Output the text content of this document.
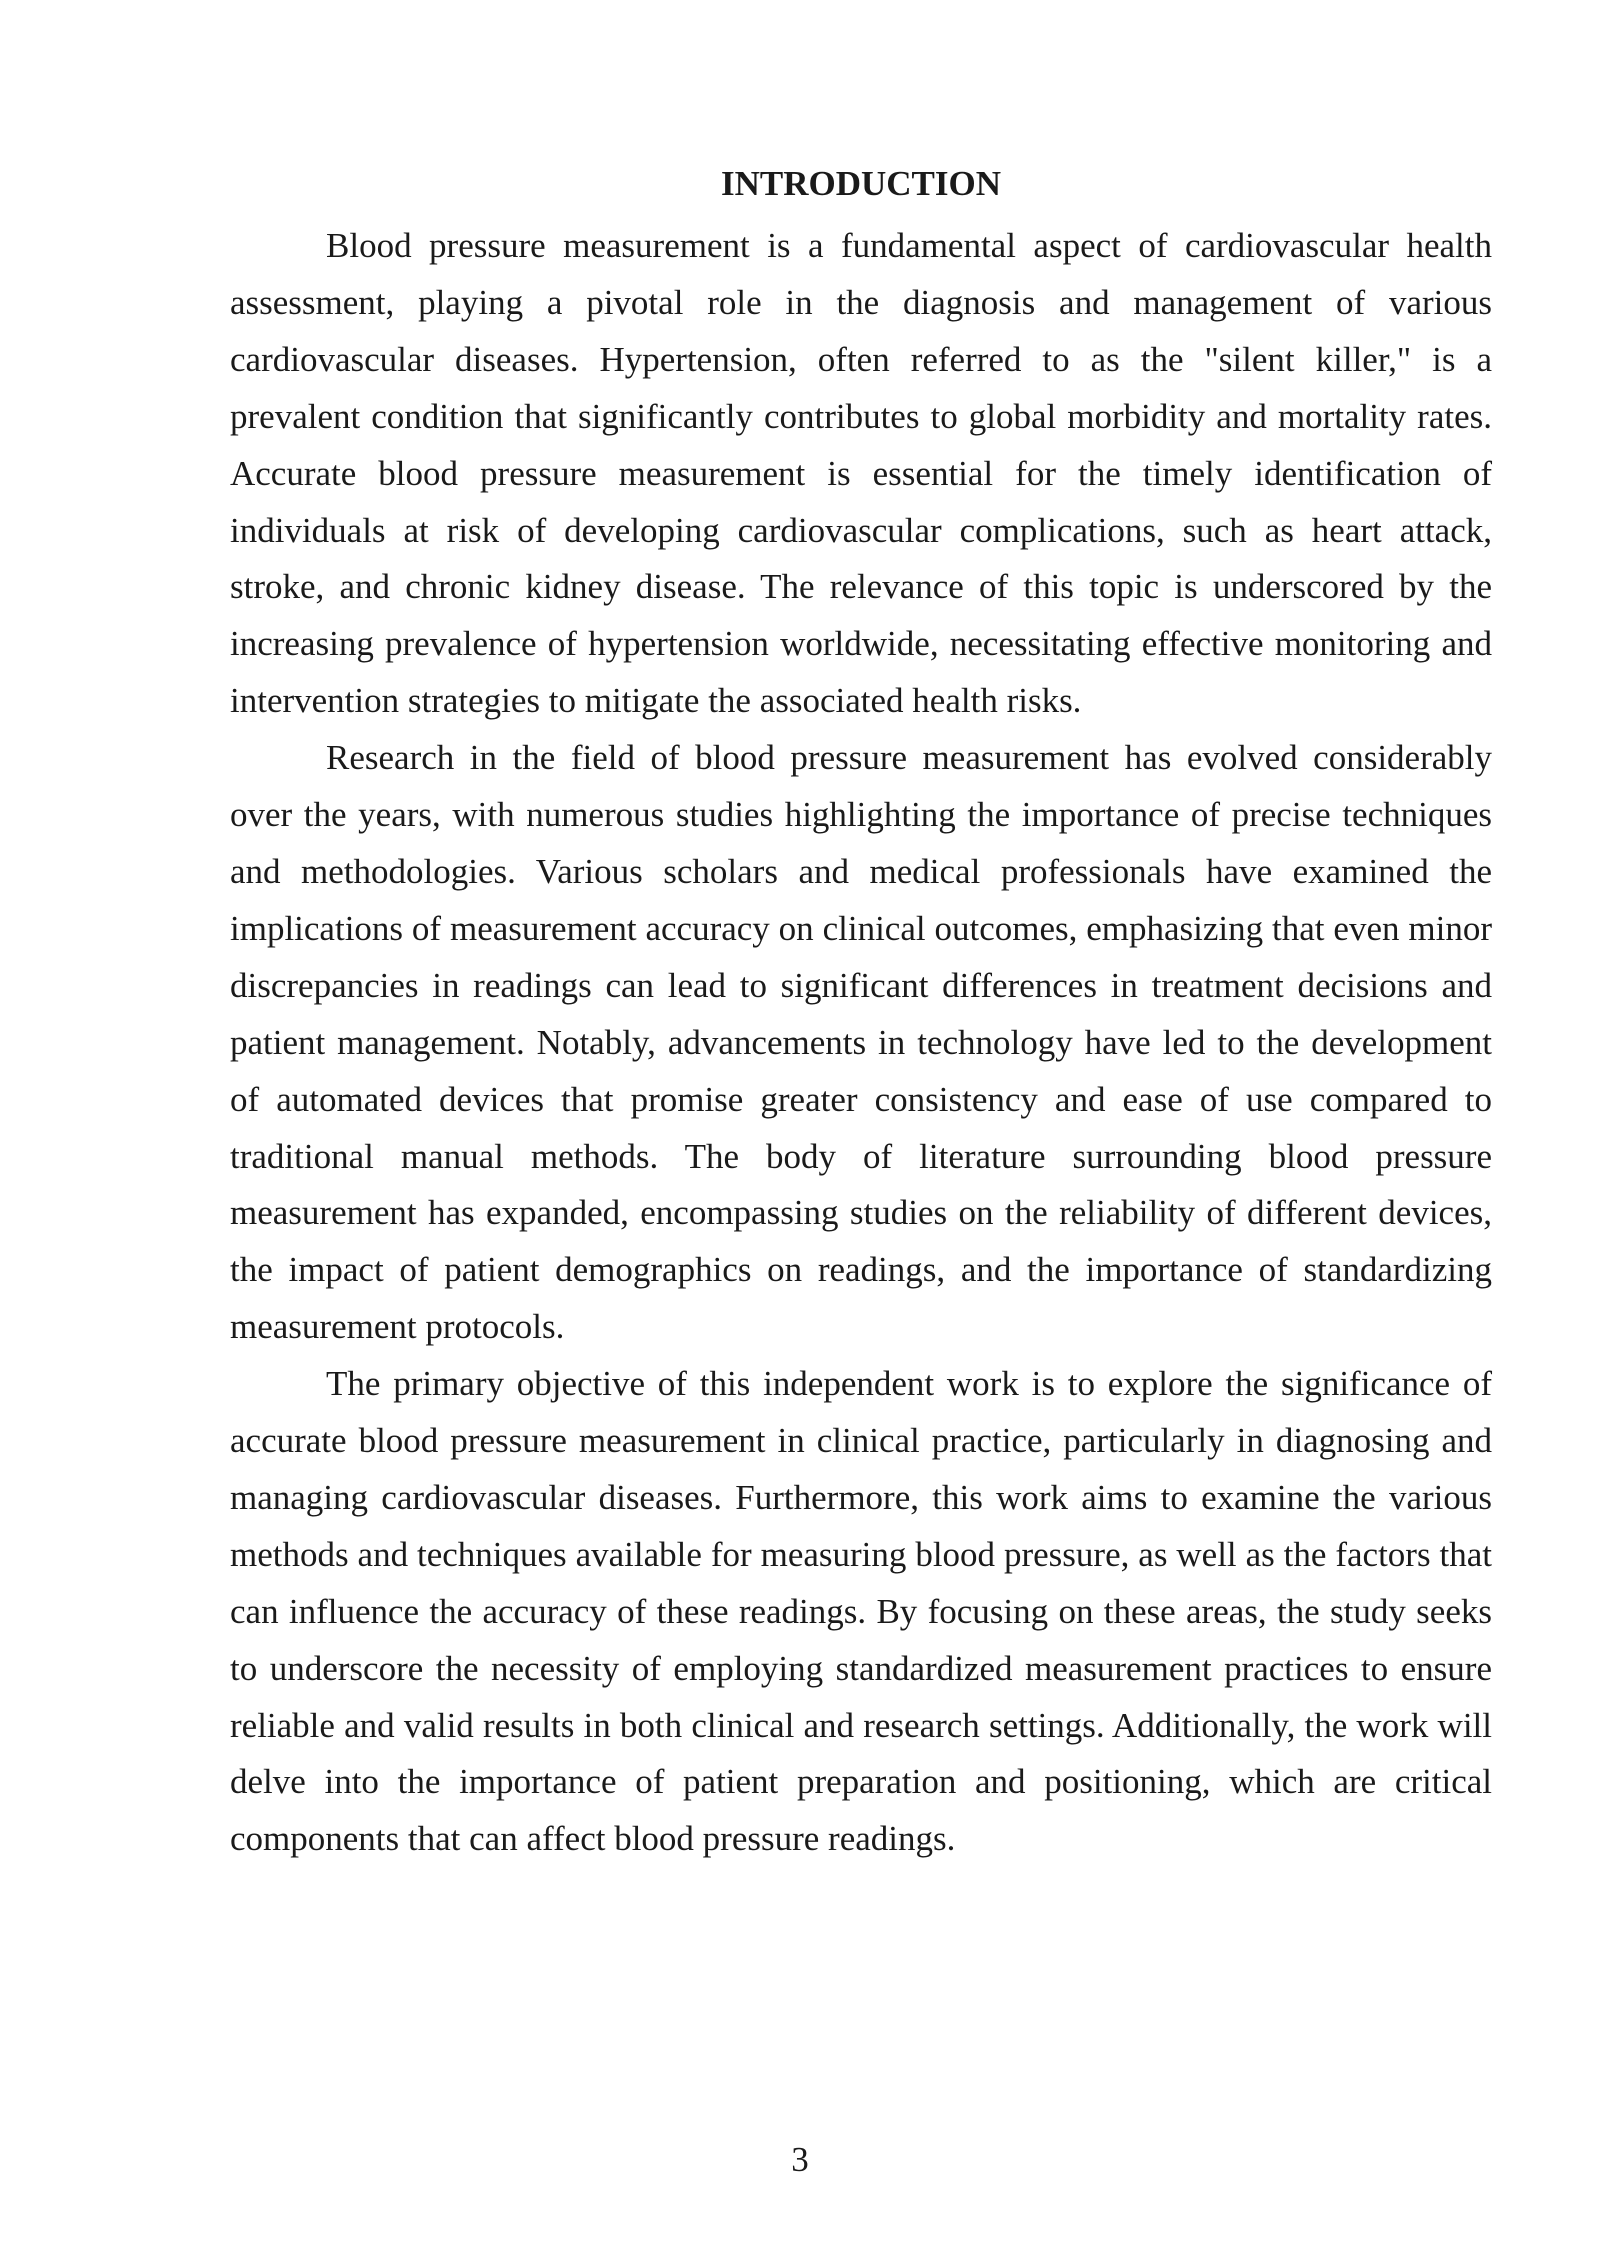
INTRODUCTION

Blood pressure measurement is a fundamental aspect of cardiovascular health assessment, playing a pivotal role in the diagnosis and management of various cardiovascular diseases. Hypertension, often referred to as the "silent killer," is a prevalent condition that significantly contributes to global morbidity and mortality rates. Accurate blood pressure measurement is essential for the timely identification of individuals at risk of developing cardiovascular complications, such as heart attack, stroke, and chronic kidney disease. The relevance of this topic is underscored by the increasing prevalence of hypertension worldwide, necessitating effective monitoring and intervention strategies to mitigate the associated health risks.

Research in the field of blood pressure measurement has evolved considerably over the years, with numerous studies highlighting the importance of precise techniques and methodologies. Various scholars and medical professionals have examined the implications of measurement accuracy on clinical outcomes, emphasizing that even minor discrepancies in readings can lead to significant differences in treatment decisions and patient management. Notably, advancements in technology have led to the development of automated devices that promise greater consistency and ease of use compared to traditional manual methods. The body of literature surrounding blood pressure measurement has expanded, encompassing studies on the reliability of different devices, the impact of patient demographics on readings, and the importance of standardizing measurement protocols.

The primary objective of this independent work is to explore the significance of accurate blood pressure measurement in clinical practice, particularly in diagnosing and managing cardiovascular diseases. Furthermore, this work aims to examine the various methods and techniques available for measuring blood pressure, as well as the factors that can influence the accuracy of these readings. By focusing on these areas, the study seeks to underscore the necessity of employing standardized measurement practices to ensure reliable and valid results in both clinical and research settings. Additionally, the work will delve into the importance of patient preparation and positioning, which are critical components that can affect blood pressure readings.

3
